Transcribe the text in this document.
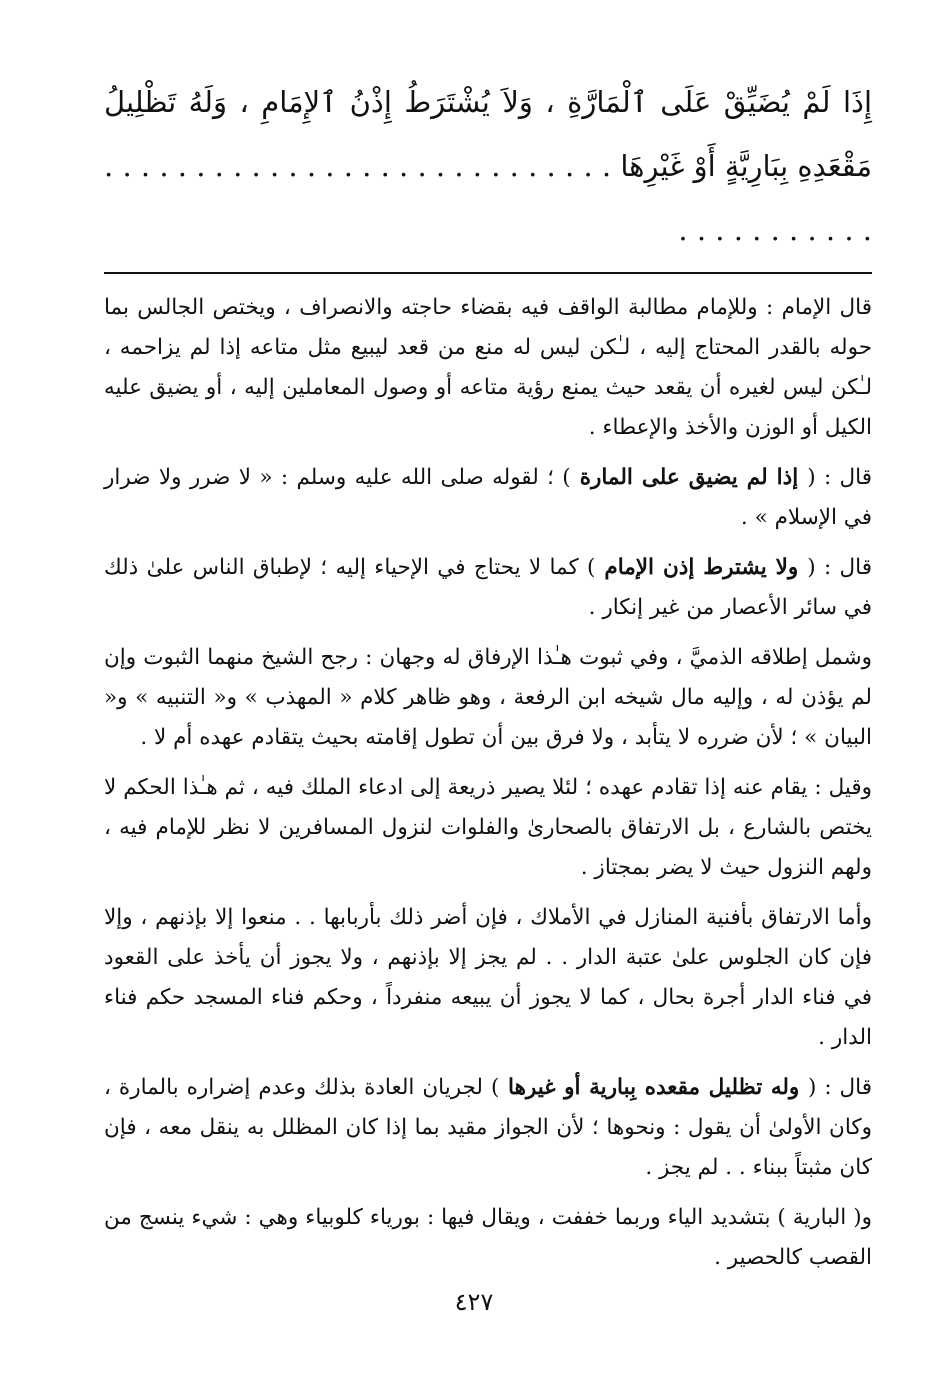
إِذَا لَمْ يُضَيِّقْ عَلَى ٱلْمَارَّةِ ، وَلاَ يُشْتَرَطُ إِذْنُ ٱلإِمَامِ ، وَلَهُ تَظْلِيلُ مَقْعَدِهِ بِبَارِيَّةٍ أَوْ غَيْرِهَا . . . . . . . . . . . . . . . . . . . . . . . . . . . . . . . . . . . . . . .

قال الإمام : وللإمام مطالبة الواقف فيه بقضاء حاجته والانصراف ، ويختص الجالس بما حوله بالقدر المحتاج إليه ، لـٰكن ليس له منع من قعد ليبيع مثل متاعه إذا لم يزاحمه ، لـٰكن ليس لغيره أن يقعد حيث يمنع رؤية متاعه أو وصول المعاملين إليه ، أو يضيق عليه الكيل أو الوزن والأخذ والإعطاء .

قال : ( إذا لم يضيق على المارة ) ؛ لقوله صلى الله عليه وسلم : « لا ضرر ولا ضرار في الإسلام » .

قال : ( ولا يشترط إذن الإمام ) كما لا يحتاج في الإحياء إليه ؛ لإطباق الناس علىٰ ذلك في سائر الأعصار من غير إنكار .

وشمل إطلاقه الذميَّ ، وفي ثبوت هـٰذا الإرفاق له وجهان : رجح الشيخ منهما الثبوت وإن لم يؤذن له ، وإليه مال شيخه ابن الرفعة ، وهو ظاهر كلام « المهذب » و« التنبيه » و« البيان » ؛ لأن ضرره لا يتأبد ، ولا فرق بين أن تطول إقامته بحيث يتقادم عهده أم لا .

وقيل : يقام عنه إذا تقادم عهده ؛ لئلا يصير ذريعة إلى ادعاء الملك فيه ، ثم هـٰذا الحكم لا يختص بالشارع ، بل الارتفاق بالصحارىٰ والفلوات لنزول المسافرين لا نظر للإمام فيه ، ولهم النزول حيث لا يضر بمجتاز .

وأما الارتفاق بأفنية المنازل في الأملاك ، فإن أضر ذلك بأربابها . . منعوا إلا بإذنهم ، وإلا فإن كان الجلوس علىٰ عتبة الدار . . لم يجز إلا بإذنهم ، ولا يجوز أن يأخذ على القعود في فناء الدار أجرة بحال ، كما لا يجوز أن يبيعه منفرداً ، وحكم فناء المسجد حكم فناء الدار .

قال : ( وله تظليل مقعده بِبارية أو غيرها ) لجريان العادة بذلك وعدم إضراره بالمارة ، وكان الأولىٰ أن يقول : ونحوها ؛ لأن الجواز مقيد بما إذا كان المظلل به ينقل معه ، فإن كان مثبتاً ببناء . . لم يجز .

و( البارية ) بتشديد الياء وربما خففت ، ويقال فيها : بورياء كلوبياء وهي : شيء ينسج من القصب كالحصير .

٤٢٧
